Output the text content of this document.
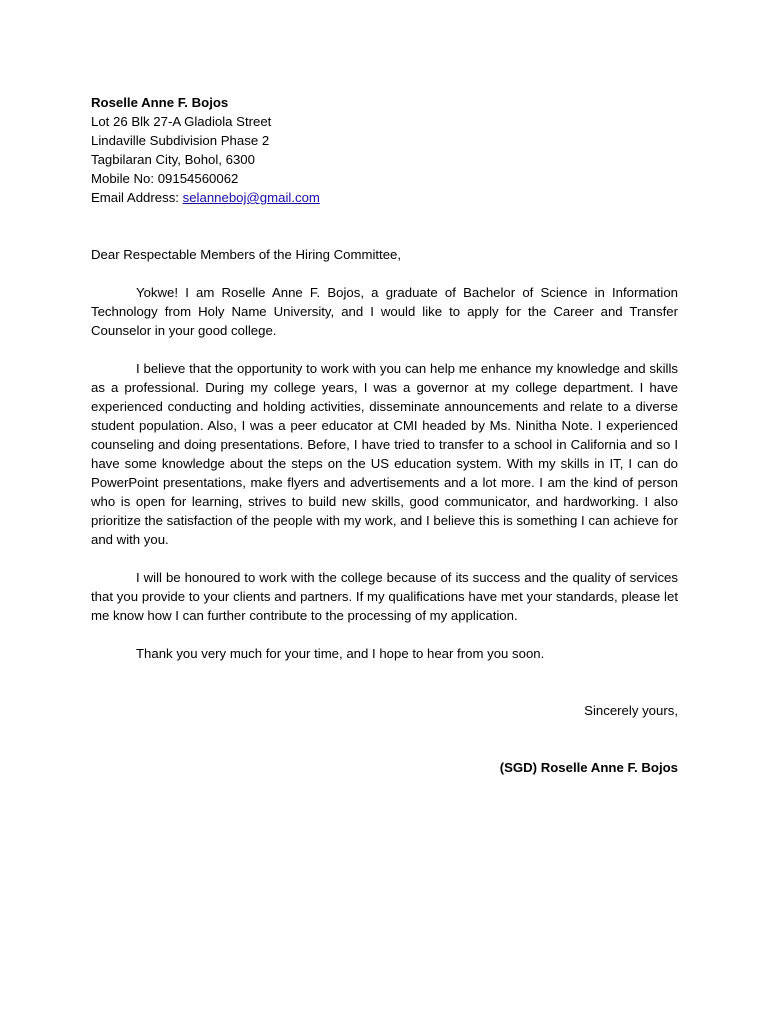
Roselle Anne F. Bojos
Lot 26 Blk 27-A Gladiola Street
Lindaville Subdivision Phase 2
Tagbilaran City, Bohol, 6300
Mobile No: 09154560062
Email Address: selanneboj@gmail.com
Dear Respectable Members of the Hiring Committee,
Yokwe! I am Roselle Anne F. Bojos, a graduate of Bachelor of Science in Information Technology from Holy Name University, and I would like to apply for the Career and Transfer Counselor in your good college.
I believe that the opportunity to work with you can help me enhance my knowledge and skills as a professional. During my college years, I was a governor at my college department. I have experienced conducting and holding activities, disseminate announcements and relate to a diverse student population. Also, I was a peer educator at CMI headed by Ms. Ninitha Note. I experienced counseling and doing presentations. Before, I have tried to transfer to a school in California and so I have some knowledge about the steps on the US education system. With my skills in IT, I can do PowerPoint presentations, make flyers and advertisements and a lot more. I am the kind of person who is open for learning, strives to build new skills, good communicator, and hardworking. I also prioritize the satisfaction of the people with my work, and I believe this is something I can achieve for and with you.
I will be honoured to work with the college because of its success and the quality of services that you provide to your clients and partners. If my qualifications have met your standards, please let me know how I can further contribute to the processing of my application.
Thank you very much for your time, and I hope to hear from you soon.
Sincerely yours,
(SGD) Roselle Anne F. Bojos
